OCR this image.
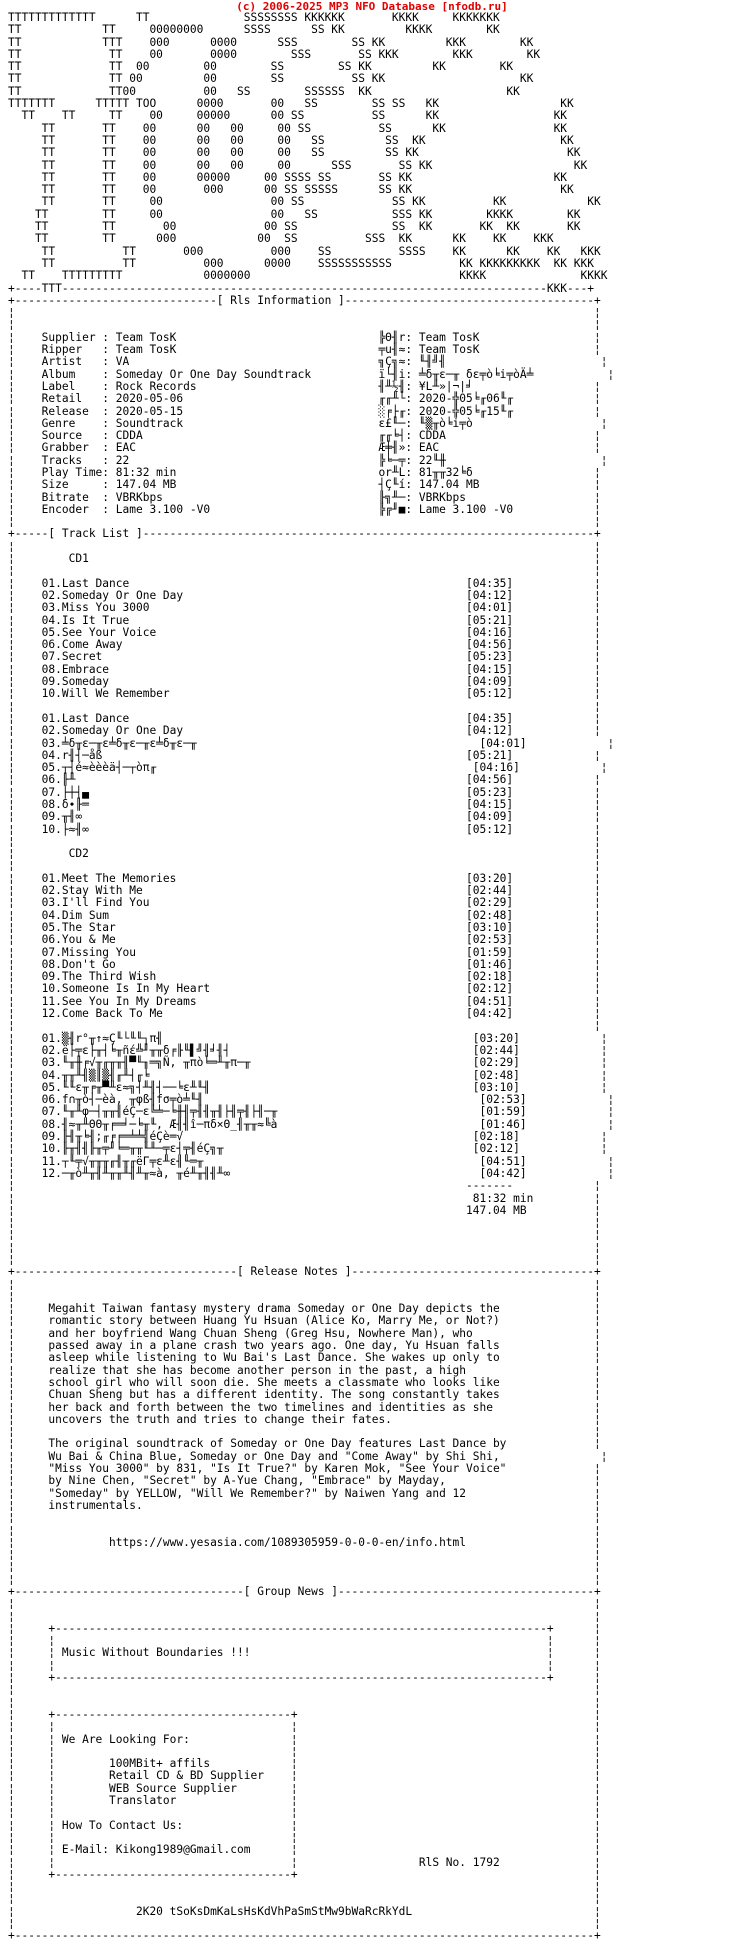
(c) 2006-2025 MP3 NFO Database [nfodb.ru]
TTTTTTTTTTTTT      TT              SSSSSSSS KKKKKK       KKKK     KKKKKKK
TT            TT     00000000      SSSS      SS KK         KKKK        KK
TT            TTT    000      0000      SSS        SS KK         KKK        KK
TT             TT    00       0000        SSS       SS KKK        KKK        KK
TT             TT  00        00        SS        SS KK         KK        KK
TT             TT 00         00        SS          SS KK                    KK
TT             TT00          00   SS        SSSSSS  KK                    KK
TTTTTTT      TTTTT TOO      0000       00   SS        SS SS   KK                  KK
TT    TT     TT    00     00000      00 SS          SS      KK                 KK
TT       TT    00      00   00     00 SS          SS      KK                KK
TT       TT    00      00   00     00   SS         SS  KK                    KK
TT       TT    00      00   00     00   SS         SS KK                      KK
TT       TT    00      00   00     00      SSS       SS KK                     KK
TT       TT    00      00000     00 SSSS SS       SS KK                     KK
TT       TT    00       000      00 SS SSSSS      SS KK                      KK
TT       TT     00                00 SS             SS KK          KK            KK
TT        TT     00                00   SS           SSS KK        KKKK        KK
TT        TT       00             00 SS              SS  KK       KK  KK       KK
TT        TT      000            00  SS          SSS  KK      KK    KK    KKK
TT          TT       000          000    SS          SSSS    KK      KK    KK   KKK
TT          TT          000      0000    SSSSSSSSSSS          KK KKKKKKKKK  KK KKK
TT    TTTTTTTTT            0000000                               KKKK              KKKK
+----TTT------------------------------------------------------------------------KKK---+
+------------------------------[ Rls Information ]-------------------------------------+
¦                                                                                      ¦
¦                                                                                      ¦
¦    Supplier : Team TosK                              ╠Θ╢r: Team TosK                 ¦
¦    Ripper   : Team TosK                              ╤u╢≈: Team TosK                 ¦
¦    Artist   : VA                                     ╗Ç╗≈: ╙╢╝╢                       ¦
¦    Album    : Someday Or One Day Soundtrack          ï└╢i: ╧δ╥ε─╥ δε╤ò╘i╤òÄ╧           ¦
¦    Label    : Rock Records                           ╢╨½╢: ¥L╨»|¬|╛                  ¦
¦    Retail   : 2020-05-06                             ╓╓╨└: 2020-╬05╘╓06╙╓            ¦
¦    Release  : 2020-05-15                             ░╒├╓: 2020-╬05╘╓15╙╓            ¦
¦    Genre    : Soundtrack                             ε£╙─: ╙▒╥ò╘i╤ò                   ¦
¦    Source   : CDDA                                   ╓╓╘┤: CDDA                      ¦
¦    Grabber  : EAC                                    Æ╪╢»: EAC                       ¦
¦    Tracks   : 22                                     ╠╘─╤: 22╙╫                       ¦
¦    Play Time: 81:32 min                              or╨L: 81╥╥32╘δ                  ¦
¦    Size     : 147.04 MB                              ┤Ç╙í: 147.04 MB                 ¦
¦    Bitrate  : VBRKbps                                ╟╗╨─: VBRKbps                   ¦
¦    Encoder  : Lame 3.100 -V0                         ╠╔╜■: Lame 3.100 -V0            ¦
¦                                                                                      ¦
+-----[ Track List ]-------------------------------------------------------------------+
¦                                                                                      ¦
¦        CD1                                                                           ¦
¦                                                                                      ¦
¦    01.Last Dance                                                  [04:35]            ¦
¦    02.Someday Or One Day                                          [04:12]            ¦
¦    03.Miss You 3000                                               [04:01]            ¦
¦    04.Is It True                                                  [05:21]            ¦
¦    05.See Your Voice                                              [04:16]            ¦
¦    06.Come Away                                                   [04:56]            ¦
¦    07.Secret                                                      [05:23]            ¦
¦    08.Embrace                                                     [04:15]            ¦
¦    09.Someday                                                     [04:09]            ¦
¦    10.Will We Remember                                            [05:12]            ¦
¦                                                                                      ¦
¦    01.Last Dance                                                  [04:35]            ¦
¦    02.Someday Or One Day                                          [04:12]            ¦
¦    03.╧δ╥ε─╥ε╧δ╥ε─╥ε╧δ╥ε─╥                                          [04:01]            ¦
¦    04.r╢┤─åß                                                      [05:21]            ¦
¦    05.┬┤é≈èèèä┤─┬òπ╓                                               [04:16]            ¦
¦    06.╟╨                                                          [04:56]            ¦
¦    07.├┼┤▄                                                        [05:23]            ¦
¦    08.δ∙╟═                                                        [04:15]            ¦
¦    09.╥╢∞                                                         [04:09]            ¦
¦    10.├≈╢∞                                                        [05:12]            ¦
¦                                                                                      ¦
¦        CD2                                                                           ¦
¦                                                                                      ¦
¦    01.Meet The Memories                                           [03:20]            ¦
¦    02.Stay With Me                                                [02:44]            ¦
¦    03.I'll Find You                                               [02:29]            ¦
¦    04.Dim Sum                                                     [02:48]            ¦
¦    05.The Star                                                    [03:10]            ¦
¦    06.You & Me                                                    [02:53]            ¦
¦    07.Missing You                                                 [01:59]            ¦
¦    08.Don't Go                                                    [01:46]            ¦
¦    09.The Third Wish                                              [02:18]            ¦
¦    10.Someone Is In My Heart                                      [02:12]            ¦
¦    11.See You In My Dreams                                        [04:51]            ¦
¦    12.Come Back To Me                                             [04:42]            ¦
¦                                                                                      ¦
¦    01.▒╢r°╥↑≈Ç╙└╙╙┐π╢                                              [03:20]            ¦
¦    02.ë├╤ε├╥┤╘╥ñέ╩╜╥╥δ╒╟╙▌╝╢╛╢┤                                    [02:44]            ¦
¦    03.╙╥╫╒√╥╓╥╥╢▀╙╖═╗Ñ, ╥πò╘═╨╥π─╥                                 [02:29]            ¦
¦    04.╥╥╨╢▒║▒╢╓╨┤╓╘                                                [02:48]            ¦
¦    05.╙╙ε╥╒╥▀╨ε≈╗┤╨╢┤──╘ε╨╙╢                                       [03:10]            ¦
¦    06.f∩╥ò┤─èà, ╥φß╢fσ╤ò╧╙╢                                         [02:53]            ¦
¦    07.╙╥╨φ─┤╥╥╢éÇ─ε╚╧─╘╫╢╤╢╢╥╢├╢╤╢├╢─╥                              [01:59]            ¦
¦    08.╢≈╥╨ΘΘ╥╒═╛─╘╥╙, Æ╢╢î─πδ×Θ_╢╥╥≈╚à                              [01:46]            ¦
¦    09.╟╢╥╘╢;╓╒╒═╧╧╣éÇè═√                                           [02:18]            ¦
¦    10.╟╥╢╢╟╥╤╜╘═╥╥╙╨─╤ε┤╤╢éÇ╗╥                                     [02:12]            ¦
¦    11.┬╙╤√╥╥╥╓╢╥╓ëΓ╤ε╨ε╢╙═╥                                         [04:51]            ¦
¦    12.─╥ò╨╥╢╨╥╥╨╢╨╥≈à, ╥é╨╥╢╢╨∞                                     [04:42]            ¦
¦                                                                   -------            ¦
¦                                                                    81:32 min         ¦
¦                                                                   147.04 MB          ¦
¦                                                                                      ¦
¦                                                                                      ¦
¦                                                                                      ¦
¦                                                                                      ¦
+---------------------------------[ Release Notes ]------------------------------------+
¦                                                                                      ¦
¦                                                                                      ¦
¦     Megahit Taiwan fantasy mystery drama Someday or One Day depicts the              ¦
¦     romantic story between Huang Yu Hsuan (Alice Ko, Marry Me, or Not?)              ¦
¦     and her boyfriend Wang Chuan Sheng (Greg Hsu, Nowhere Man), who                  ¦
¦     passed away in a plane crash two years ago. One day, Yu Hsuan falls              ¦
¦     asleep while listening to Wu Bai's Last Dance. She wakes up only to              ¦
¦     realize that she has become another person in the past, a high                   ¦
¦     school girl who will soon die. She meets a classmate who looks like              ¦
¦     Chuan Sheng but has a different identity. The song constantly takes              ¦
¦     her back and forth between the two timelines and identities as she               ¦
¦     uncovers the truth and tries to change their fates.                              ¦
¦                                                                                      ¦
¦     The original soundtrack of Someday or One Day features Last Dance by             ¦
¦     Wu Bai & China Blue, Someday or One Day and "Come Away" by Shi Shi,               ¦
¦     "Miss You 3000" by 831, "Is It True?" by Karen Mok, "See Your Voice"             ¦
¦     by Nine Chen, "Secret" by A-Yue Chang, "Embrace" by Mayday,                      ¦
¦     "Someday" by YELLOW, "Will We Remember?" by Naiwen Yang and 12                   ¦
¦     instrumentals.                                                                   ¦
¦                                                                                      ¦
¦                                                                                      ¦
¦              https://www.yesasia.com/1089305959-0-0-0-en/info.html                   ¦
¦                                                                                      ¦
¦                                                                                      ¦
¦                                                                                      ¦
+----------------------------------[ Group News ]--------------------------------------+
¦                                                                                      ¦
¦                                                                                      ¦
¦     +-------------------------------------------------------------------------+      ¦
¦     ¦                                                                         ¦      ¦
¦     ¦ Music Without Boundaries !!!                                            ¦      ¦
¦     ¦                                                                         ¦      ¦
¦     +-------------------------------------------------------------------------+      ¦
¦                                                                                      ¦
¦                                                                                      ¦
¦     +-----------------------------------+                                            ¦
¦     ¦                                   ¦                                            ¦
¦     ¦ We Are Looking For:               ¦                                            ¦
¦     ¦                                   ¦                                            ¦
¦     ¦        100MBit+ affils            ¦                                            ¦
¦     ¦        Retail CD & BD Supplier    ¦                                            ¦
¦     ¦        WEB Source Supplier        ¦                                            ¦
¦     ¦        Translator                 ¦                                            ¦
¦     ¦                                   ¦                                            ¦
¦     ¦ How To Contact Us:                ¦                                            ¦
¦     ¦                                   ¦                                            ¦
¦     ¦ E-Mail: Kikong1989@Gmail.com      ¦                                            ¦
¦     ¦                                   ¦                  RlS No. 1792              ¦
¦     +-----------------------------------+                                            ¦
¦                                                                                      ¦
¦                                                                                      ¦
¦                  2K20 tSoKsDmKaLsHsKdVhPaSmStMw9bWaRcRkYdL                           ¦
¦                                                                                      ¦
+--------------------------------------------------------------------------------------+
